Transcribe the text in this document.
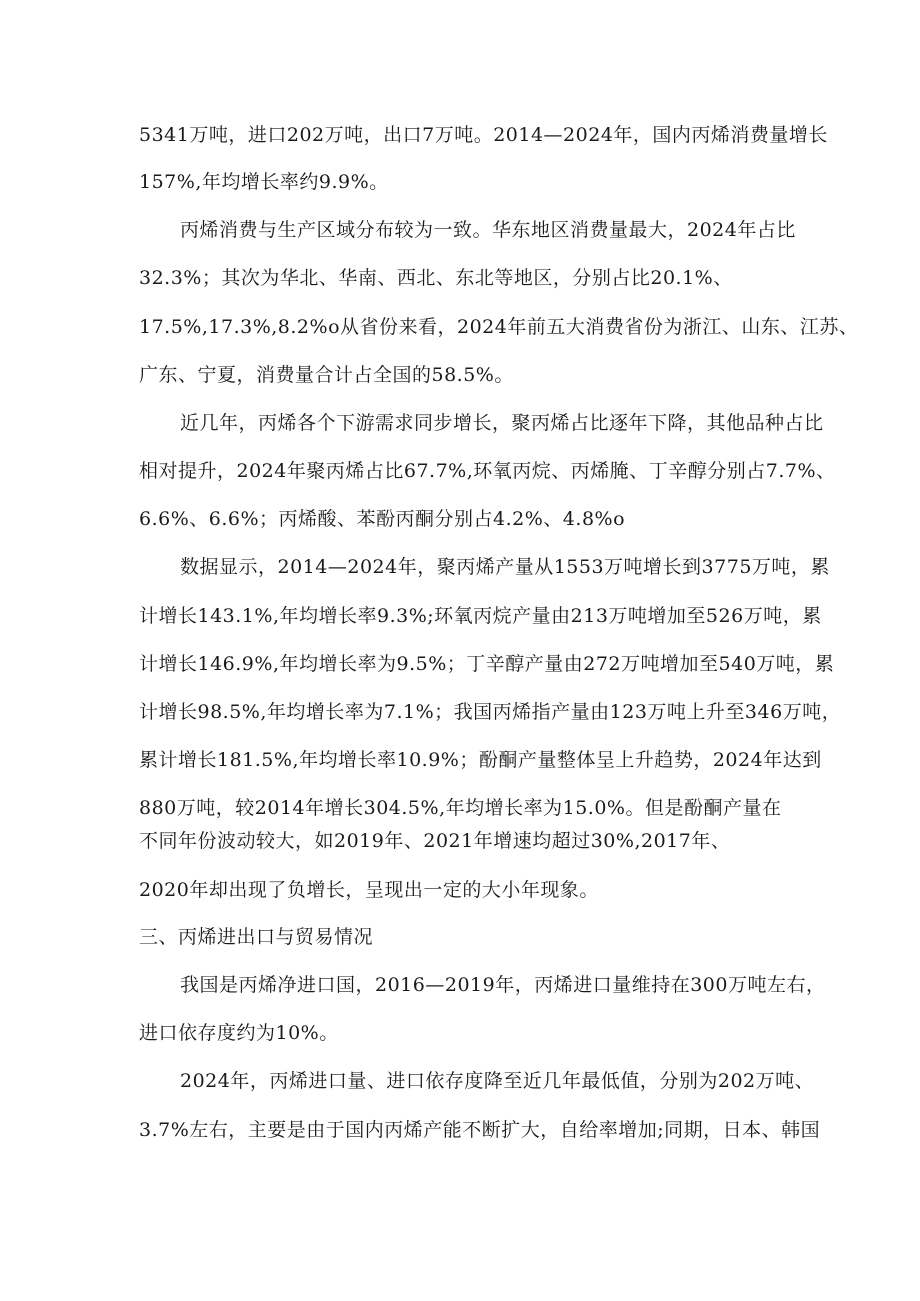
5341万吨，进口202万吨，出口7万吨。2014—2024年，国内丙烯消费量增长
157%,年均增长率约9.9%。
丙烯消费与生产区域分布较为一致。华东地区消费量最大，2024年占比
32.3%；其次为华北、华南、西北、东北等地区，分别占比20.1%、
17.5%,17.3%,8.2%o从省份来看，2024年前五大消费省份为浙江、山东、江苏、
广东、宁夏，消费量合计占全国的58.5%。
近几年，丙烯各个下游需求同步增长，聚丙烯占比逐年下降，其他品种占比
相对提升，2024年聚丙烯占比67.7%,环氧丙烷、丙烯腌、丁辛醇分别占7.7%、
6.6%、6.6%；丙烯酸、苯酚丙酮分别占4.2%、4.8%o
数据显示，2014—2024年，聚丙烯产量从1553万吨增长到3775万吨，累
计增长143.1%,年均增长率9.3%;环氧丙烷产量由213万吨增加至526万吨，累
计增长146.9%,年均增长率为9.5%；丁辛醇产量由272万吨增加至540万吨，累
计增长98.5%,年均增长率为7.1%；我国丙烯指产量由123万吨上升至346万吨，
累计增长181.5%,年均增长率10.9%；酚酮产量整体呈上升趋势，2024年达到
880万吨，较2014年增长304.5%,年均增长率为15.0%。但是酚酮产量在
不同年份波动较大，如2019年、2021年增速均超过30%,2017年、
2020年却出现了负增长，呈现出一定的大小年现象。
三、丙烯进出口与贸易情况
我国是丙烯净进口国，2016—2019年，丙烯进口量维持在300万吨左右，
进口依存度约为10%。
2024年，丙烯进口量、进口依存度降至近几年最低值，分别为202万吨、
3.7%左右，主要是由于国内丙烯产能不断扩大，自给率增加;同期，日本、韩国
